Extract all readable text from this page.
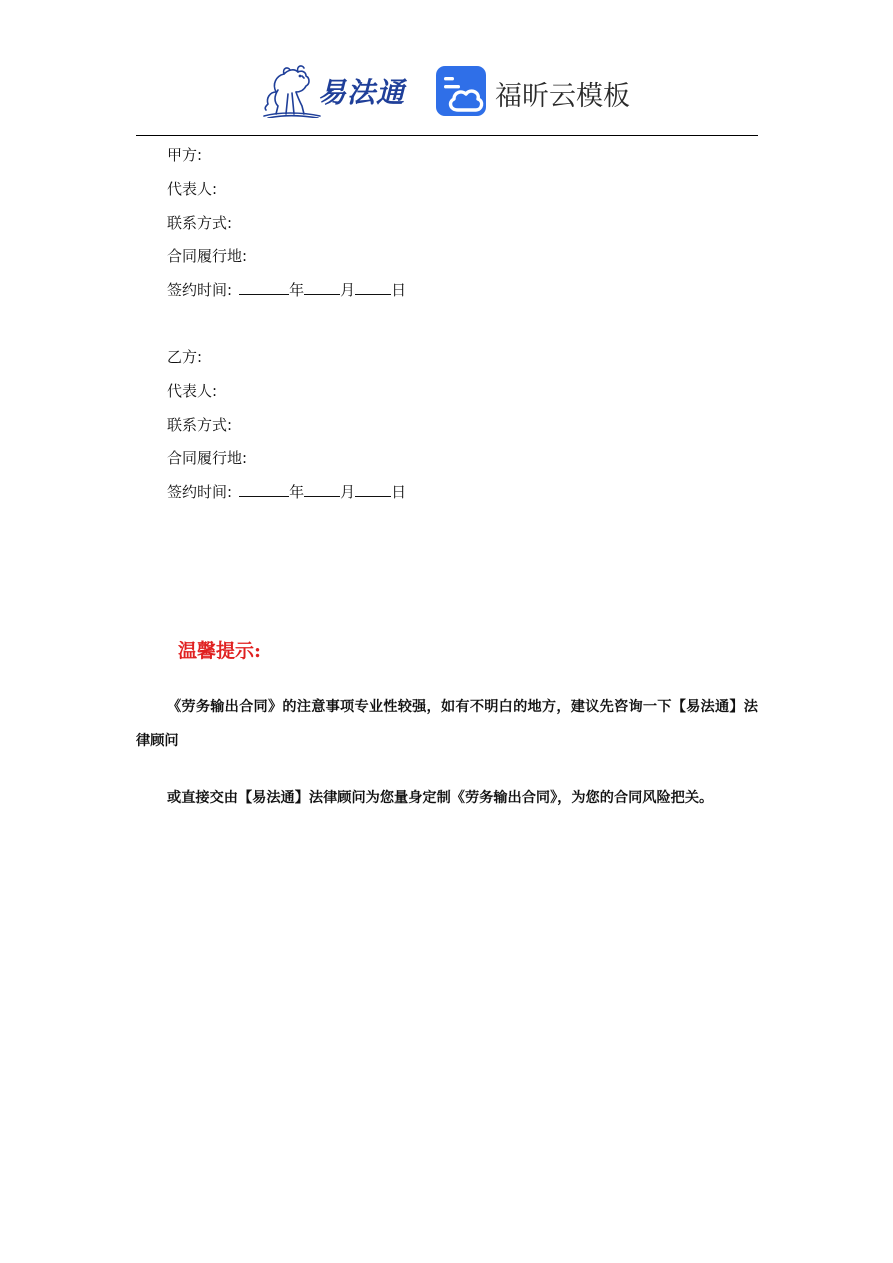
易法通	福昕云模板
甲方:
代表人:
联系方式:
合同履行地:
签约时间:	年 月 日
乙方:
代表人:
联系方式:
合同履行地:
签约时间:	年 月 日
温馨提示:
《劳务输出合同》的注意事项专业性较强，如有不明白的地方，建议先咨询一下【易法通】法律顾问
或直接交由【易法通】法律顾问为您量身定制《劳务输出合同》，为您的合同风险把关。
